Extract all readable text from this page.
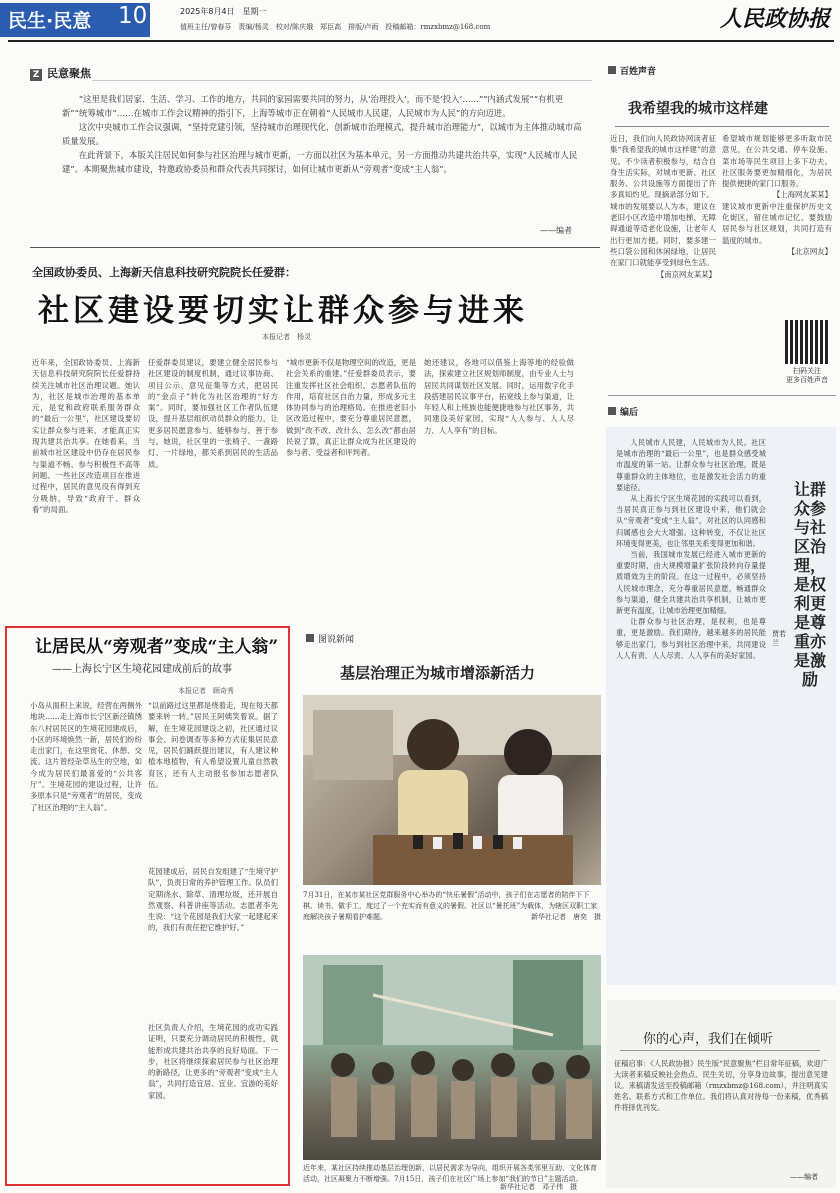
民生·民意 10	2025年8月4日　星期一
值班主任/曾春芬　责编/杨灵　校对/陈庆娥　郑臣高　排版/卢雨　投稿邮箱：rmzxbmz@168.com	人民政协报
Z 民意聚焦

“这里是我们居家、生活、学习、工作的地方，共同的家园需要共同的努力，从‘治理投入’，而不是‘投入’……”“内涵式发展”“有机更新”“统筹城市”……在城市工作会议精神的指引下，上海等城市正在朝着“人民城市人民建，人民城市为人民”的方向迈进。

这次中央城市工作会议强调，“坚持党建引领，坚持城市治理现代化，创新城市治理模式，提升城市治理能力”，以城市为主体推动城市高质量发展。

在此背景下，本版关注居民如何参与社区治理与城市更新，一方面以社区为基本单元，另一方面推动共建共治共享，实现“人民城市人民建”。本期聚焦城市建设，特邀政协委员和群众代表共同探讨，如何让城市更新从“旁观者”变成“主人翁”。

——编者
全国政协委员、上海新天信息科技研究院院长任爱群：
社区建设要切实让群众参与进来
本报记者　杨灵
近年来，全国政协委员、上海新天信息科技研究院院长任爱群持续关注城市社区治理议题。她认为，社区是城市治理的基本单元，是党和政府联系服务群众的“最后一公里”，社区建设要切实让群众参与进来，才能真正实现共建共治共享。在她看来，当前城市社区建设中仍存在居民参与渠道不畅、参与积极性不高等问题。一些社区改造项目在推进过程中，居民的意见没有得到充分吸纳，导致“政府干、群众看”的局面。
任爱群委员建议，要建立健全居民参与社区建设的制度机制，通过议事协商、项目公示、意见征集等方式，把居民的“金点子”转化为社区治理的“好方案”。同时，要加强社区工作者队伍建设，提升基层组织动员群众的能力，让更多居民愿意参与、能够参与、善于参与。她说，社区里的一张椅子、一盏路灯、一片绿地，都关系到居民的生活品质。
“城市更新不仅是物理空间的改造，更是社会关系的重建。”任爱群委员表示，要注重发挥社区社会组织、志愿者队伍的作用，培育社区自治力量，形成多元主体协同参与的治理格局。在推进老旧小区改造过程中，要充分尊重居民意愿，做到“改不改、改什么、怎么改”都由居民说了算，真正让群众成为社区建设的参与者、受益者和评判者。
她还建议，各地可以借鉴上海等地的经验做法，探索建立社区规划师制度，由专业人士与居民共同谋划社区发展。同时，运用数字化手段搭建居民议事平台，拓宽线上参与渠道，让年轻人和上班族也能便捷地参与社区事务，共同建设美好家园，实现“人人参与、人人尽力、人人享有”的目标。
让居民从“旁观者”变成“主人翁”
——上海长宁区生境花园建成前后的故事
本报记者　顾奇秀
小岛从面积上来说，经营在两侧外地块……走上海市长宁区新泾镇绣东八村居民区的生境花园建成后，小区的环境焕然一新，居民们纷纷走出家门，在这里赏花、休憩、交流。这片曾经杂草丛生的空地，如今成为居民们最喜爱的“公共客厅”。生境花园的建设过程，让许多原本只是“旁观者”的居民，变成了社区治理的“主人翁”。
“以前路过这里都是绕着走，现在每天都要来转一转。”居民王阿姨笑着说。据了解，在生境花园建设之初，社区通过议事会、问卷调查等多种方式征集居民意见，居民们踊跃提出建议，有人建议种植本地植物，有人希望设置儿童自然教育区，还有人主动报名参加志愿者队伍。
花园建成后，居民自发组建了“生境守护队”，负责日常的养护管理工作。队员们定期浇水、除草、清理垃圾，还开展自然观察、科普讲座等活动。志愿者李先生说：“这个花园是我们大家一起建起来的，我们有责任把它维护好。”
社区负责人介绍，生境花园的成功实践证明，只要充分调动居民的积极性，就能形成共建共治共享的良好局面。下一步，社区将继续探索居民参与社区治理的新路径，让更多的“旁观者”变成“主人翁”，共同打造宜居、宜业、宜游的美好家园。
图说新闻
基层治理正为城市增添新活力
7月31日，在某市某社区党群服务中心举办的“快乐暑假”活动中，孩子们在志愿者的陪伴下下棋、读书、做手工，度过了一个充实而有意义的暑假。社区以“暑托班”为载体，为辖区双职工家庭解决孩子暑期看护难题。	新华社记者　唐奕　摄
近年来，某社区持续推动基层治理创新，以居民需求为导向，组织开展各类邻里互助、文化体育活动，社区凝聚力不断增强。7月15日，孩子们在社区广场上参加“我们的节日”主题活动。
新华社记者　邓子伟　摄
百姓声音
我希望我的城市这样建
近日，我们向人民政协网读者征集“我希望我的城市这样建”的意见。不少读者积极参与，结合自身生活实际，对城市更新、社区服务、公共设施等方面提出了许多真知灼见。现摘录部分如下。
城市的发展要以人为本，建议在老旧小区改造中增加电梯、无障碍通道等适老化设施，让老年人出行更加方便。同时，要多建一些口袋公园和休闲绿地，让居民在家门口就能享受到绿色生活。
【南京网友某某】
希望城市规划能够更多听取市民意见，在公共交通、停车设施、菜市场等民生项目上多下功夫。社区服务要更加精细化，为居民提供便捷的家门口服务。
【上海网友某某】
建议城市更新中注重保护历史文化街区，留住城市记忆。要鼓励居民参与社区规划，共同打造有温度的城市。
【北京网友】
扫码关注
更多百姓声音
编后
让群众参与社区治理，是权利更是尊重亦是激励
贾若兰

人民城市人民建，人民城市为人民。社区是城市治理的“最后一公里”，也是群众感受城市温度的第一站。让群众参与社区治理，既是尊重群众的主体地位，也是激发社会活力的重要途径。

从上海长宁区生境花园的实践可以看到，当居民真正参与到社区建设中来，他们就会从“旁观者”变成“主人翁”，对社区的认同感和归属感也会大大增强。这种转变，不仅让社区环境变得更美，也让邻里关系变得更加和谐。

当前，我国城市发展已经进入城市更新的重要时期，由大规模增量扩张阶段转向存量提质增效为主的阶段。在这一过程中，必须坚持人民城市理念，充分尊重居民意愿，畅通群众参与渠道，健全共建共治共享机制，让城市更新更有温度，让城市治理更加精细。

让群众参与社区治理，是权利，也是尊重，更是激励。我们期待，越来越多的居民能够走出家门，参与到社区治理中来，共同建设人人有责、人人尽责、人人享有的美好家园。

你的心声，我们在倾听
征稿启事：《人民政协报》民生版“民意聚焦”栏目常年征稿，欢迎广大读者来稿反映社会热点、民生关切，分享身边故事，提出意见建议。来稿请发送至投稿邮箱（rmzxbmz@168.com），并注明真实姓名、联系方式和工作单位。我们将认真对待每一份来稿，优秀稿件将择优刊发。
——编者
